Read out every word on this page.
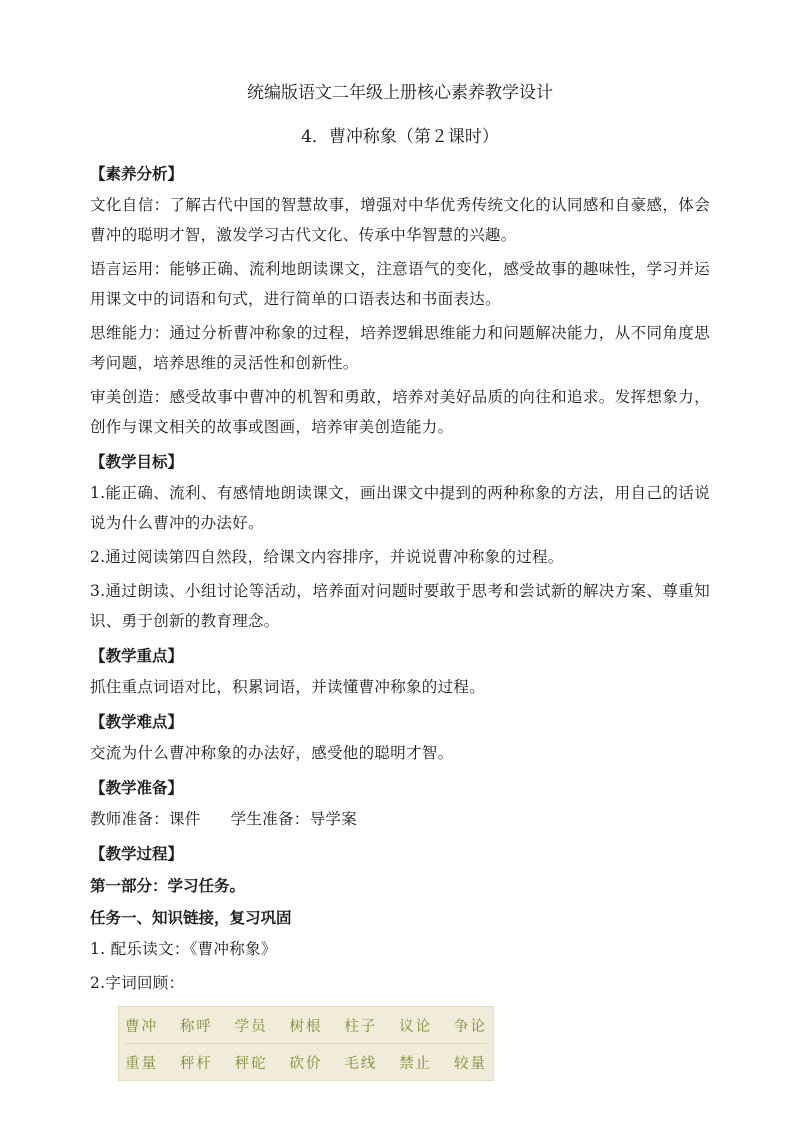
统编版语文二年级上册核心素养教学设计
4．曹冲称象（第２课时）

【素养分析】

文化自信：了解古代中国的智慧故事，增强对中华优秀传统文化的认同感和自豪感，体会曹冲的聪明才智，激发学习古代文化、传承中华智慧的兴趣。

语言运用：能够正确、流利地朗读课文，注意语气的变化，感受故事的趣味性，学习并运用课文中的词语和句式，进行简单的口语表达和书面表达。

思维能力：通过分析曹冲称象的过程，培养逻辑思维能力和问题解决能力，从不同角度思考问题，培养思维的灵活性和创新性。

审美创造：感受故事中曹冲的机智和勇敢，培养对美好品质的向往和追求。发挥想象力，创作与课文相关的故事或图画，培养审美创造能力。

【教学目标】

1.能正确、流利、有感情地朗读课文，画出课文中提到的两种称象的方法，用自己的话说说为什么曹冲的办法好。

2.通过阅读第四自然段，给课文内容排序，并说说曹冲称象的过程。

3.通过朗读、小组讨论等活动，培养面对问题时要敢于思考和尝试新的解决方案、尊重知识、勇于创新的教育理念。

【教学重点】

抓住重点词语对比，积累词语，并读懂曹冲称象的过程。

【教学难点】

交流为什么曹冲称象的办法好，感受他的聪明才智。

【教学准备】

教师准备：课件 学生准备：导学案

【教学过程】

第一部分：学习任务。

任务一、知识链接，复习巩固

1. 配乐读文：《曹冲称象》

2.字词回顾：

曹冲 称呼 学员 树根 柱子 议论 争论
重量 秤杆 秤砣 砍价 毛线 禁止 较量
